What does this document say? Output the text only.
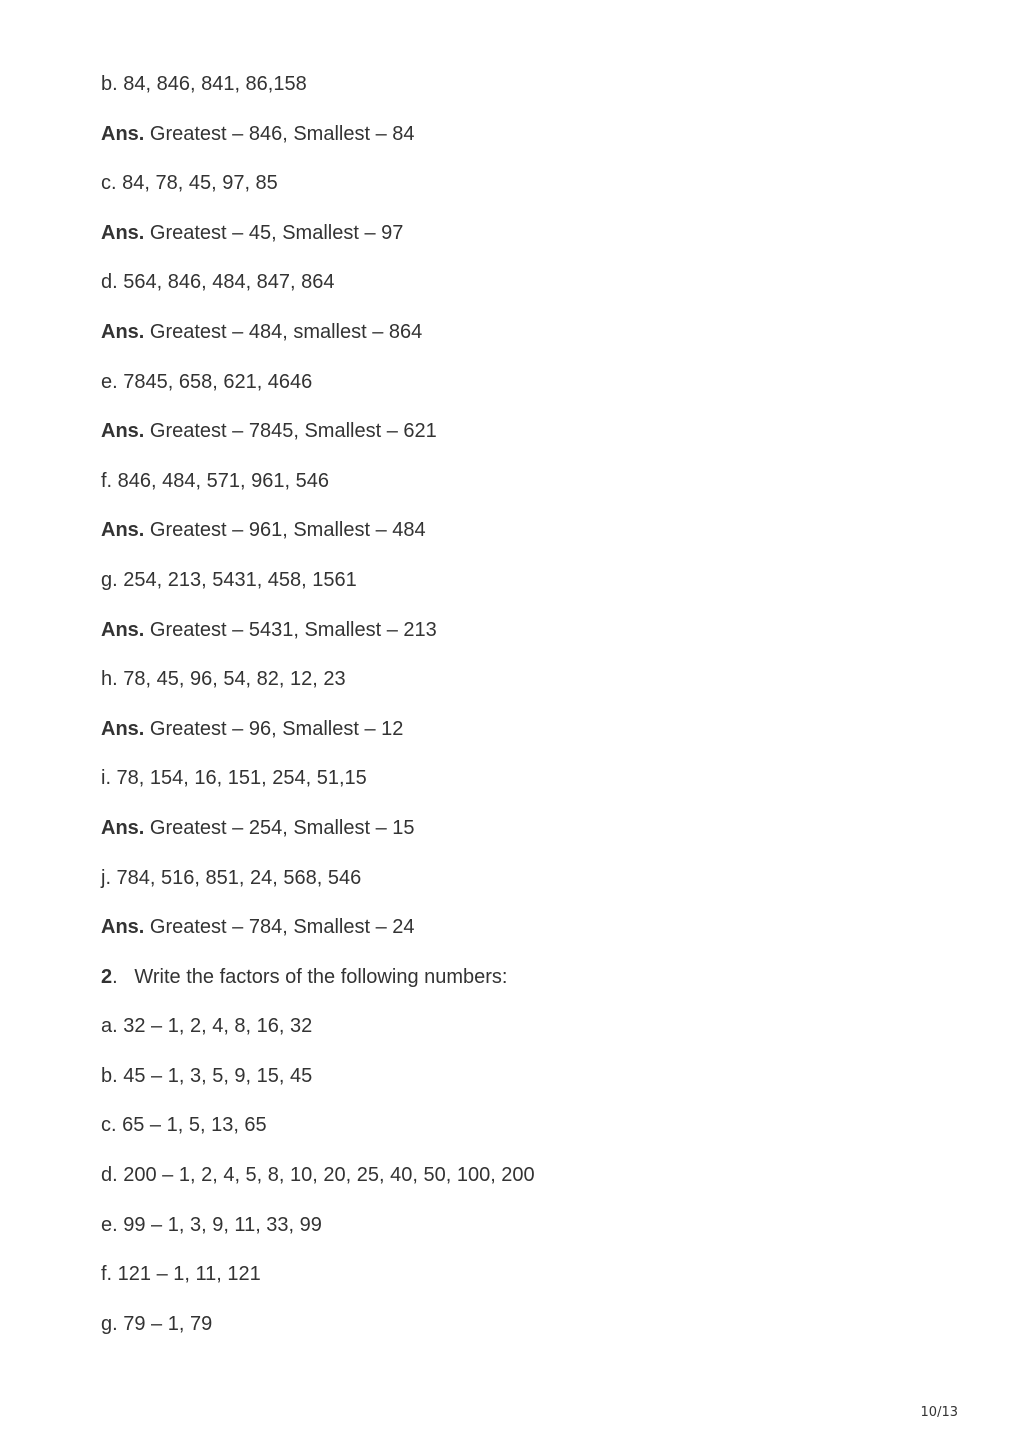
b. 84, 846, 841, 86,158
Ans. Greatest – 846, Smallest – 84
c. 84, 78, 45, 97, 85
Ans. Greatest – 45, Smallest – 97
d. 564, 846, 484, 847, 864
Ans. Greatest – 484, smallest – 864
e. 7845, 658, 621, 4646
Ans. Greatest – 7845, Smallest – 621
f. 846, 484, 571, 961, 546
Ans. Greatest – 961, Smallest – 484
g. 254, 213, 5431, 458, 1561
Ans. Greatest – 5431, Smallest – 213
h. 78, 45, 96, 54, 82, 12, 23
Ans. Greatest – 96, Smallest – 12
i. 78, 154, 16, 151, 254, 51,15
Ans. Greatest – 254, Smallest – 15
j. 784, 516, 851, 24, 568, 546
Ans. Greatest – 784, Smallest – 24
2.   Write the factors of the following numbers:
a. 32 – 1, 2, 4, 8, 16, 32
b. 45 – 1, 3, 5, 9, 15, 45
c. 65 – 1, 5, 13, 65
d. 200 – 1, 2, 4, 5, 8, 10, 20, 25, 40, 50, 100, 200
e. 99 – 1, 3, 9, 11, 33, 99
f. 121 – 1, 11, 121
g. 79 – 1, 79
10/13
